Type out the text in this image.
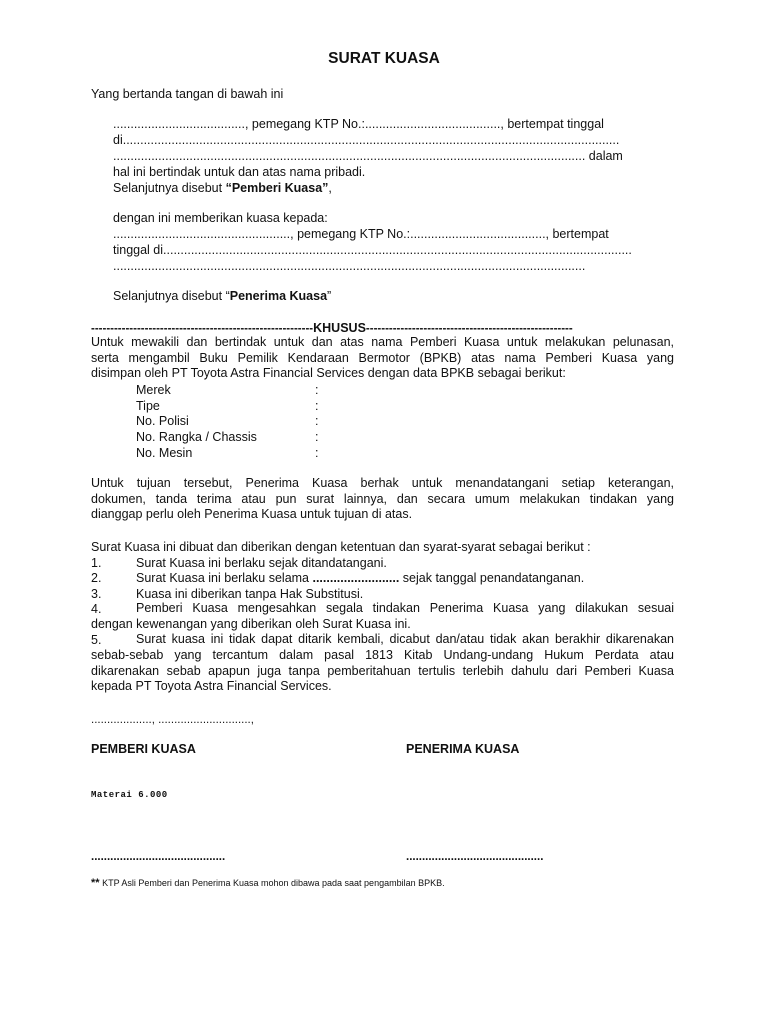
SURAT KUASA
Yang bertanda tangan di bawah ini
......................................, pemegang KTP No.:......................................., bertempat tinggal
di...............................................................................................................................................
........................................................................................................................................ dalam
hal ini bertindak untuk dan atas nama pribadi.
Selanjutnya disebut “Pemberi Kuasa”,
dengan ini memberikan kuasa kepada:
..................................................., pemegang KTP No.:......................................., bertempat
tinggal di.......................................................................................................................................
........................................................................................................................................
Selanjutnya disebut “Penerima Kuasa”
----------------------------------------------------------KHUSUS------------------------------------------------------
Untuk mewakili dan bertindak untuk dan atas nama Pemberi Kuasa untuk melakukan pelunasan,
serta mengambil Buku Pemilik Kendaraan Bermotor (BPKB) atas nama Pemberi Kuasa yang
disimpan oleh PT Toyota Astra Financial Services dengan data BPKB sebagai berikut:
Merek	:
Tipe	:
No. Polisi	:
No. Rangka / Chassis	:
No. Mesin	:
Untuk tujuan tersebut, Penerima Kuasa berhak untuk menandatangani setiap keterangan,
dokumen, tanda terima atau pun surat lainnya, dan secara umum melakukan tindakan yang
dianggap perlu oleh Penerima Kuasa untuk tujuan di atas.
Surat Kuasa ini dibuat dan diberikan dengan ketentuan dan syarat-syarat sebagai berikut :
1.	Surat Kuasa ini berlaku sejak ditandatangani.
2.	Surat Kuasa ini berlaku selama ......................... sejak tanggal penandatanganan.
3.	Kuasa ini diberikan tanpa Hak Substitusi.
4.	Pemberi Kuasa mengesahkan segala tindakan Penerima Kuasa yang dilakukan sesuai
dengan kewenangan yang diberikan oleh Surat Kuasa ini.
5.	Surat kuasa ini tidak dapat ditarik kembali, dicabut dan/atau tidak akan berakhir dikarenakan
sebab-sebab yang tercantum dalam pasal 1813 Kitab Undang-undang Hukum Perdata atau
dikarenakan sebab apapun juga tanpa pemberitahuan tertulis terlebih dahulu dari Pemberi Kuasa
kepada PT Toyota Astra Financial Services.
..................., .............................,
PEMBERI KUASA	PENERIMA KUASA
Materai 6.000
..........................................	...........................................
** KTP Asli Pemberi dan Penerima Kuasa mohon dibawa pada saat pengambilan BPKB.
